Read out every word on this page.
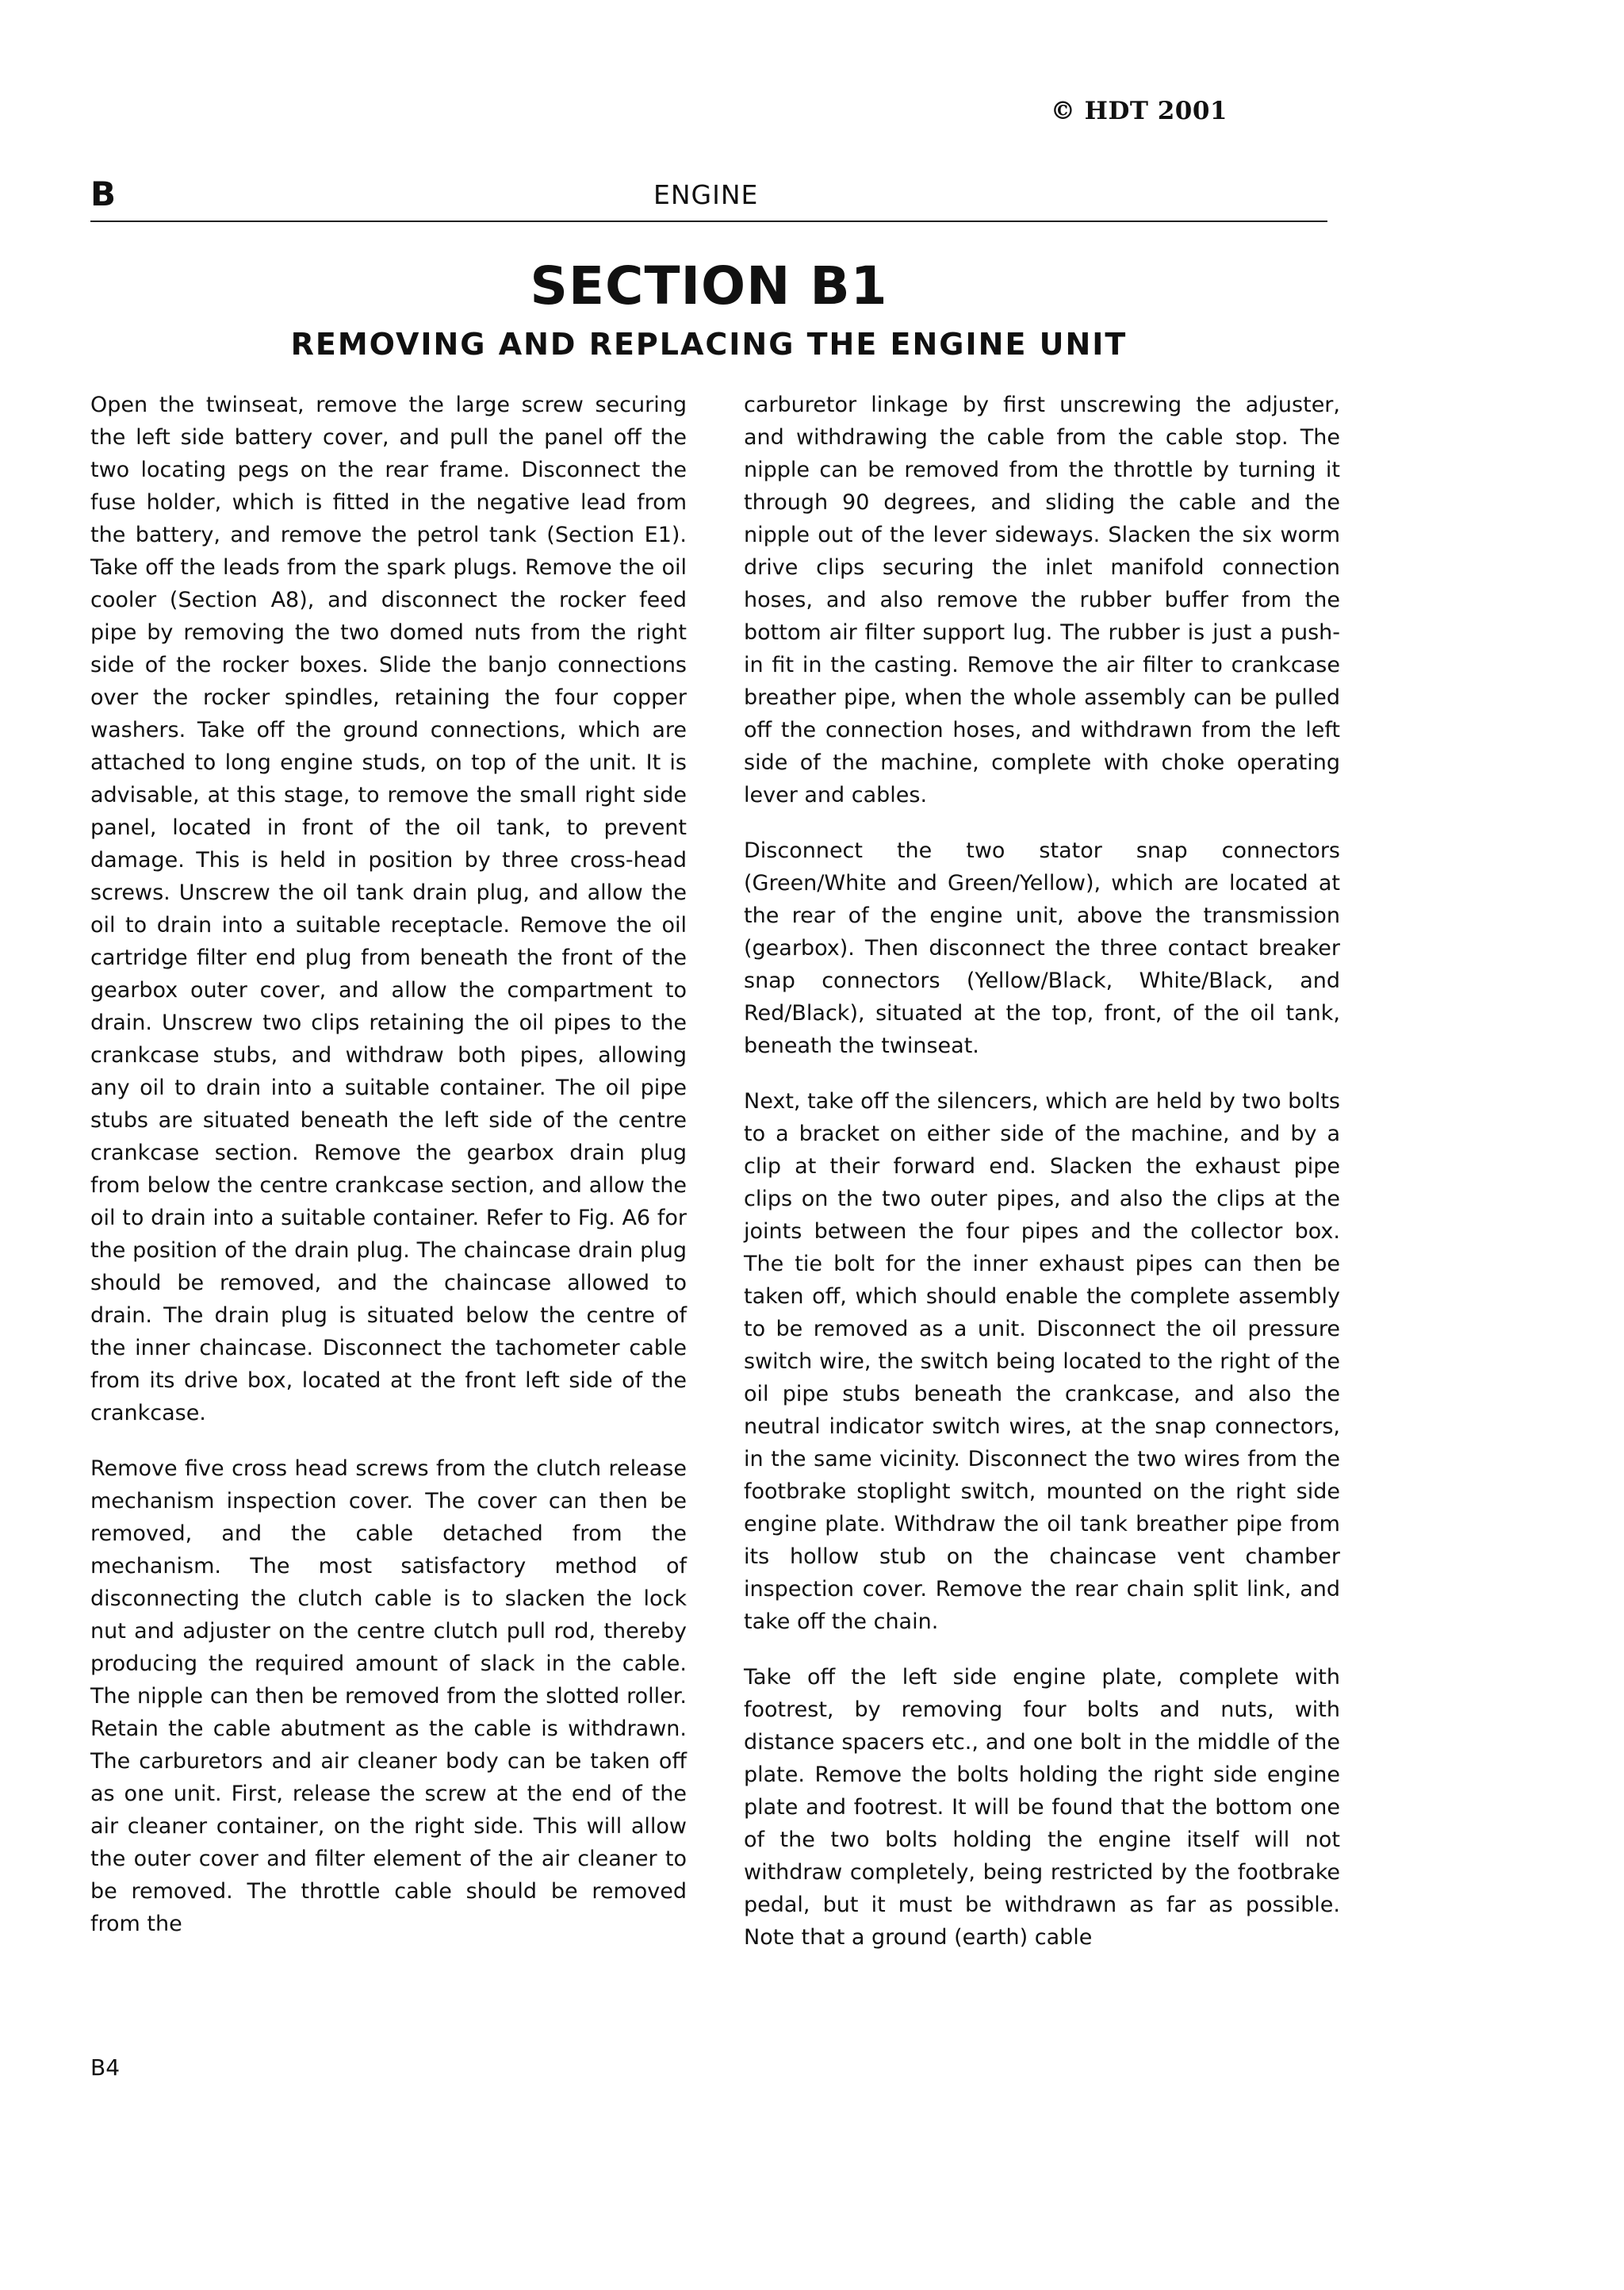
© HDT 2001
B	ENGINE
SECTION B1
REMOVING AND REPLACING THE ENGINE UNIT

Open the twinseat, remove the large screw securing the left side battery cover, and pull the panel off the two locating pegs on the rear frame. Disconnect the fuse holder, which is fitted in the negative lead from the battery, and remove the petrol tank (Section E1). Take off the leads from the spark plugs. Remove the oil cooler (Section A8), and disconnect the rocker feed pipe by removing the two domed nuts from the right side of the rocker boxes. Slide the banjo connections over the rocker spindles, retaining the four copper washers. Take off the ground connections, which are attached to long engine studs, on top of the unit. It is advisable, at this stage, to remove the small right side panel, located in front of the oil tank, to prevent damage. This is held in position by three cross-head screws. Unscrew the oil tank drain plug, and allow the oil to drain into a suitable receptacle. Remove the oil cartridge filter end plug from beneath the front of the gearbox outer cover, and allow the compartment to drain. Unscrew two clips retaining the oil pipes to the crankcase stubs, and withdraw both pipes, allowing any oil to drain into a suitable container. The oil pipe stubs are situated beneath the left side of the centre crankcase section. Remove the gearbox drain plug from below the centre crankcase section, and allow the oil to drain into a suitable container. Refer to Fig. A6 for the position of the drain plug. The chaincase drain plug should be removed, and the chaincase allowed to drain. The drain plug is situated below the centre of the inner chaincase. Disconnect the tachometer cable from its drive box, located at the front left side of the crankcase.

Remove five cross head screws from the clutch release mechanism inspection cover. The cover can then be removed, and the cable detached from the mechanism. The most satisfactory method of disconnecting the clutch cable is to slacken the lock nut and adjuster on the centre clutch pull rod, thereby producing the required amount of slack in the cable. The nipple can then be removed from the slotted roller. Retain the cable abutment as the cable is withdrawn. The carburetors and air cleaner body can be taken off as one unit. First, release the screw at the end of the air cleaner container, on the right side. This will allow the outer cover and filter element of the air cleaner to be removed. The throttle cable should be removed from the

carburetor linkage by first unscrewing the adjuster, and withdrawing the cable from the cable stop. The nipple can be removed from the throttle by turning it through 90 degrees, and sliding the cable and the nipple out of the lever sideways. Slacken the six worm drive clips securing the inlet manifold connection hoses, and also remove the rubber buffer from the bottom air filter support lug. The rubber is just a push-in fit in the casting. Remove the air filter to crankcase breather pipe, when the whole assembly can be pulled off the connection hoses, and withdrawn from the left side of the machine, complete with choke operating lever and cables.

Disconnect the two stator snap connectors (Green/White and Green/Yellow), which are located at the rear of the engine unit, above the transmission (gearbox). Then disconnect the three contact breaker snap connectors (Yellow/Black, White/Black, and Red/Black), situated at the top, front, of the oil tank, beneath the twinseat.

Next, take off the silencers, which are held by two bolts to a bracket on either side of the machine, and by a clip at their forward end. Slacken the exhaust pipe clips on the two outer pipes, and also the clips at the joints between the four pipes and the collector box. The tie bolt for the inner exhaust pipes can then be taken off, which should enable the complete assembly to be removed as a unit. Disconnect the oil pressure switch wire, the switch being located to the right of the oil pipe stubs beneath the crankcase, and also the neutral indicator switch wires, at the snap connectors, in the same vicinity. Disconnect the two wires from the footbrake stoplight switch, mounted on the right side engine plate. Withdraw the oil tank breather pipe from its hollow stub on the chaincase vent chamber inspection cover. Remove the rear chain split link, and take off the chain.

Take off the left side engine plate, complete with footrest, by removing four bolts and nuts, with distance spacers etc., and one bolt in the middle of the plate. Remove the bolts holding the right side engine plate and footrest. It will be found that the bottom one of the two bolts holding the engine itself will not withdraw completely, being restricted by the footbrake pedal, but it must be withdrawn as far as possible. Note that a ground (earth) cable

B4
